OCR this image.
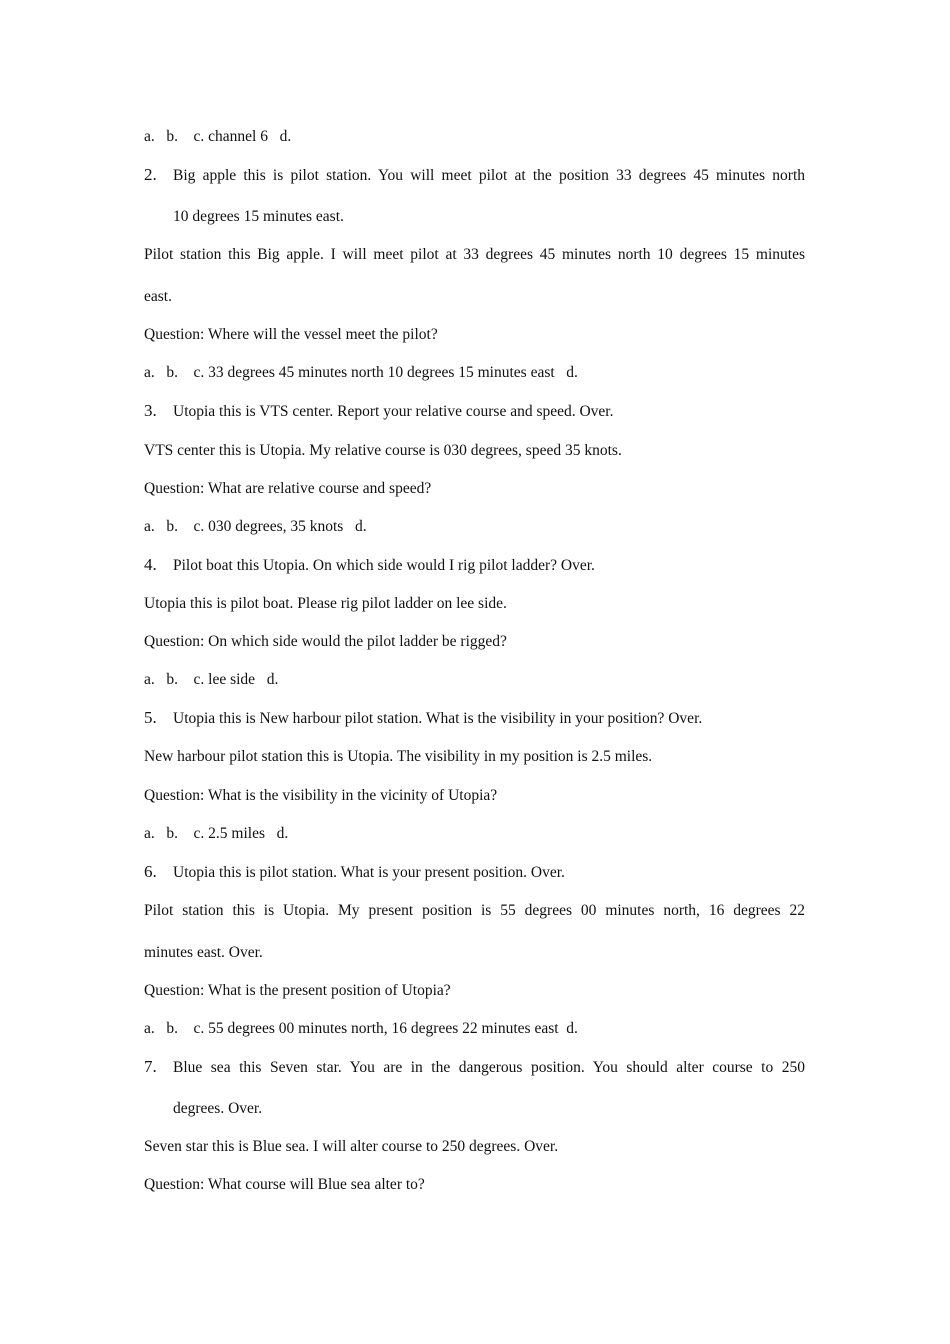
a. b. c. channel 6 d.
2. Big apple this is pilot station. You will meet pilot at the position 33 degrees 45 minutes north
10 degrees 15 minutes east.
Pilot station this Big apple. I will meet pilot at 33 degrees 45 minutes north 10 degrees 15 minutes
east.
Question: Where will the vessel meet the pilot?
a. b. c. 33 degrees 45 minutes north 10 degrees 15 minutes east d.
3. Utopia this is VTS center. Report your relative course and speed. Over.
VTS center this is Utopia. My relative course is 030 degrees, speed 35 knots.
Question: What are relative course and speed?
a. b. c. 030 degrees, 35 knots d.
4. Pilot boat this Utopia. On which side would I rig pilot ladder? Over.
Utopia this is pilot boat. Please rig pilot ladder on lee side.
Question: On which side would the pilot ladder be rigged?
a. b. c. lee side d.
5. Utopia this is New harbour pilot station. What is the visibility in your position? Over.
New harbour pilot station this is Utopia. The visibility in my position is 2.5 miles.
Question: What is the visibility in the vicinity of Utopia?
a. b. c. 2.5 miles d.
6. Utopia this is pilot station. What is your present position. Over.
Pilot station this is Utopia. My present position is 55 degrees 00 minutes north, 16 degrees 22
minutes east. Over.
Question: What is the present position of Utopia?
a. b. c. 55 degrees 00 minutes north, 16 degrees 22 minutes east d.
7. Blue sea this Seven star. You are in the dangerous position. You should alter course to 250
degrees. Over.
Seven star this is Blue sea. I will alter course to 250 degrees. Over.
Question: What course will Blue sea alter to?
